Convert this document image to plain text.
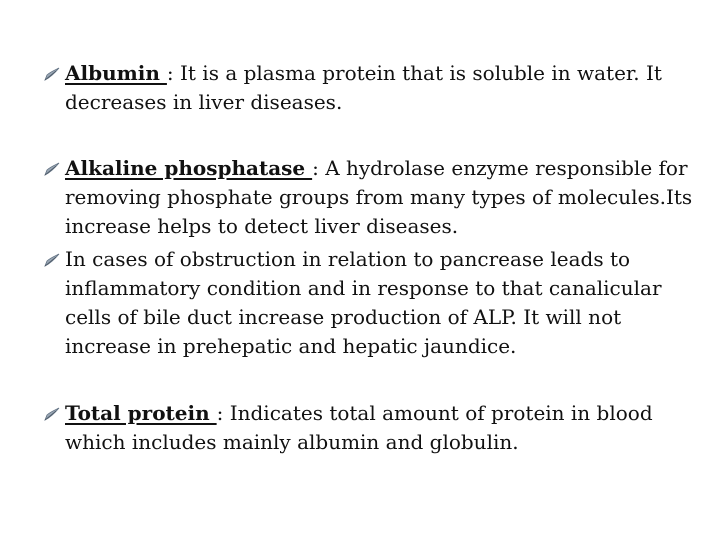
Albumin : It is a plasma protein that is soluble in water. It decreases in liver diseases.
Alkaline phosphatase : A hydrolase enzyme responsible for removing phosphate groups from many types of molecules.Its increase helps to detect liver diseases.
In cases of obstruction in relation to pancrease leads to inflammatory condition and in response to that canalicular cells of bile duct increase production of ALP. It will not increase in prehepatic and hepatic jaundice.
Total protein : Indicates total amount of protein in blood which includes mainly albumin and globulin.
